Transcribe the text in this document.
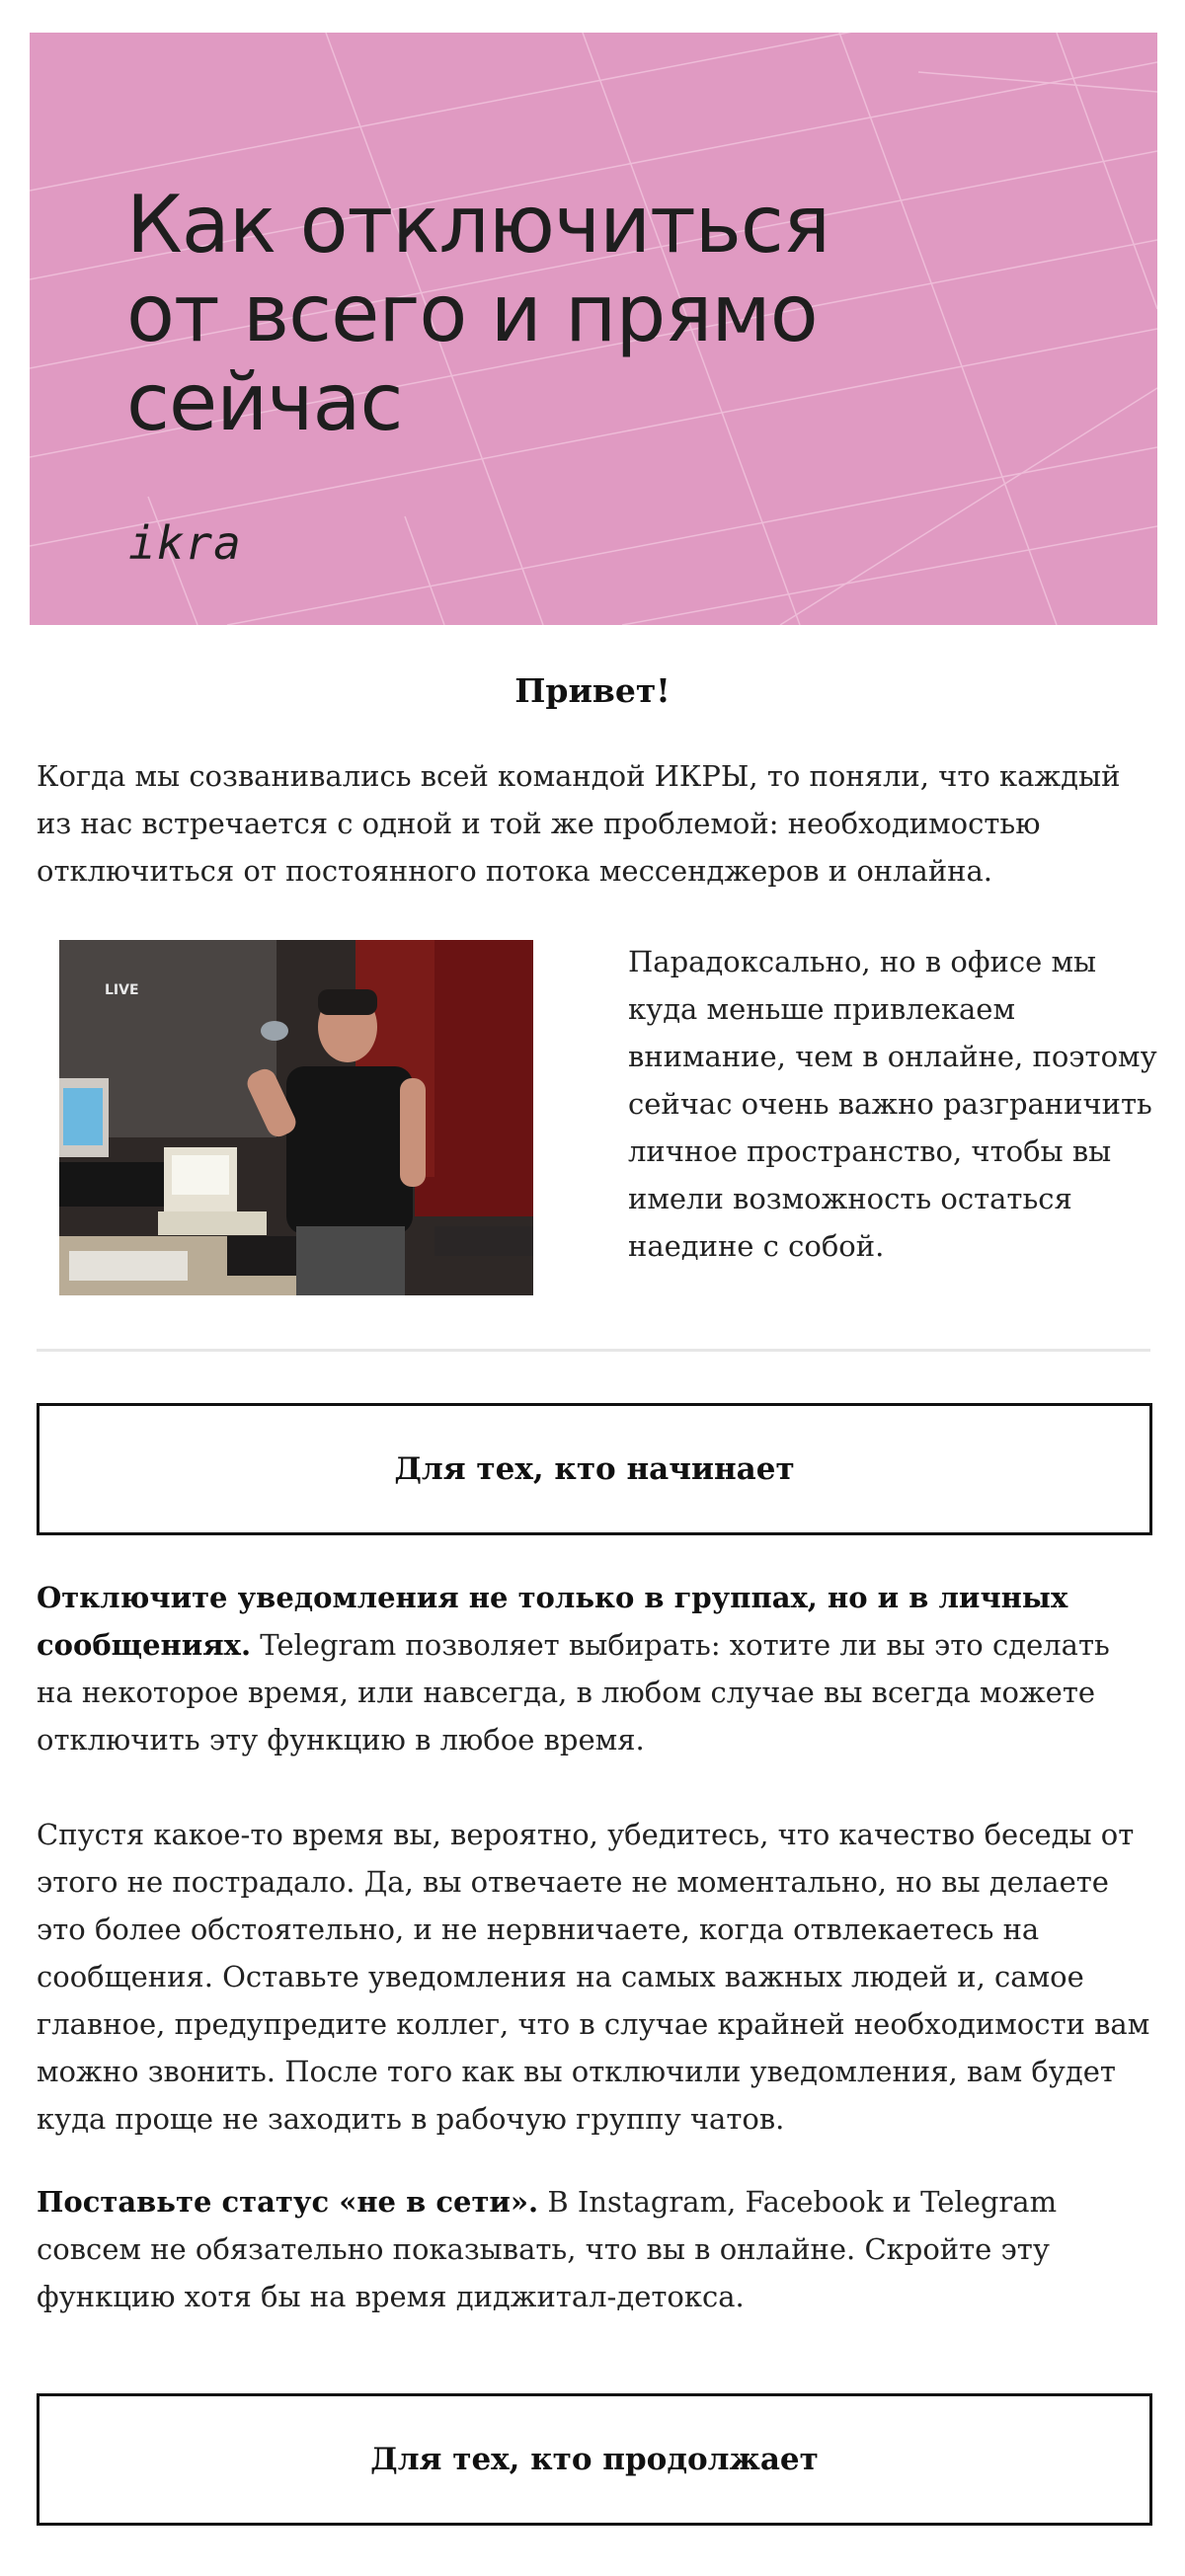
Как отключиться
от всего и прямо
сейчас
ikra
Привет!

Когда мы созванивались всей командой ИКРЫ, то поняли, что каждый из нас встречается с одной и той же проблемой: необходимостью отключиться от постоянного потока мессенджеров и онлайна.

LIVE

Парадоксально, но в офисе мы куда меньше привлекаем внимание, чем в онлайне, поэтому сейчас очень важно разграничить личное пространство, чтобы вы имели возможность остаться наедине с собой.

Для тех, кто начинает

Отключите уведомления не только в группах, но и в личных сообщениях. Telegram позволяет выбирать: хотите ли вы это сделать на некоторое время, или навсегда, в любом случае вы всегда можете отключить эту функцию в любое время.

Спустя какое-то время вы, вероятно, убедитесь, что качество беседы от этого не пострадало. Да, вы отвечаете не моментально, но вы делаете это более обстоятельно, и не нервничаете, когда отвлекаетесь на сообщения. Оставьте уведомления на самых важных людей и, самое главное, предупредите коллег, что в случае крайней необходимости вам можно звонить. После того как вы отключили уведомления, вам будет куда проще не заходить в рабочую группу чатов.

Поставьте статус «не в сети». В Instagram, Facebook и Telegram совсем не обязательно показывать, что вы в онлайне. Скройте эту функцию хотя бы на время диджитал-детокса.

Для тех, кто продолжает
